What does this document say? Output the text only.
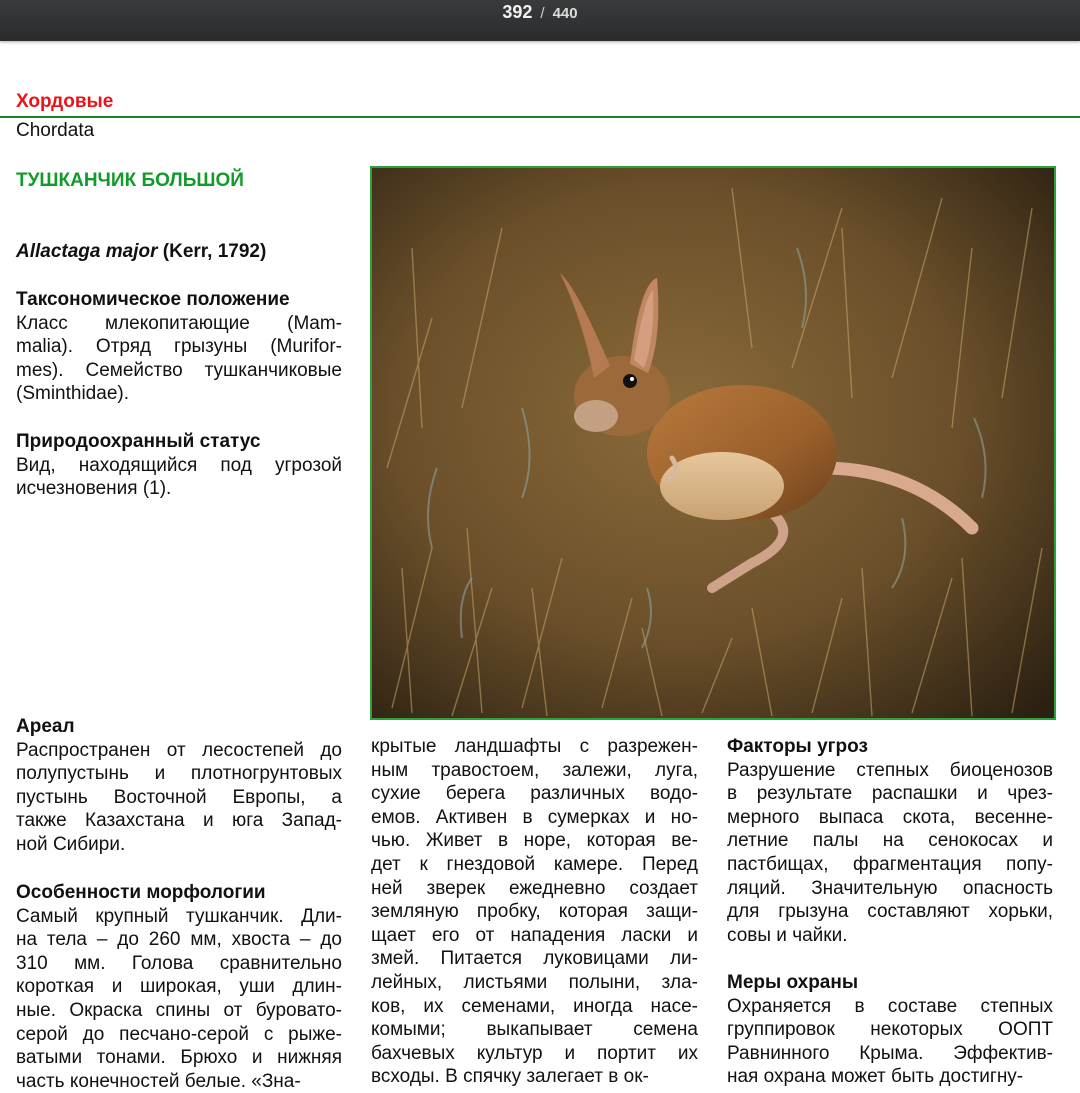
392 / 440
Хордовые
Chordata
ТУШКАНЧИК БОЛЬШОЙ
Allactaga major (Kerr, 1792)
Таксономическое положение
Класс млекопитающие (Mam-
malia). Отряд грызуны (Murifor-
mes). Семейство тушканчиковые
(Sminthidae).
Природоохранный статус
Вид, находящийся под угрозой
исчезновения (1).
Ареал
Распространен от лесостепей до
полупустынь и плотногрунтовых
пустынь Восточной Европы, а
также Казахстана и юга Запад-
ной Сибири.
Особенности морфологии
Самый крупный тушканчик. Дли-
на тела – до 260 мм, хвоста – до
310 мм. Голова сравнительно
короткая и широкая, уши длин-
ные. Окраска спины от буровато-
серой до песчано-серой с рыже-
ватыми тонами. Брюхо и нижняя
часть конечностей белые. «Зна-
крытые ландшафты с разрежен-
ным травостоем, залежи, луга,
сухие берега различных водо-
емов. Активен в сумерках и но-
чью. Живет в норе, которая ве-
дет к гнездовой камере. Перед
ней зверек ежедневно создает
земляную пробку, которая защи-
щает его от нападения ласки и
змей. Питается луковицами ли-
лейных, листьями полыни, зла-
ков, их семенами, иногда насе-
комыми; выкапывает семена
бахчевых культур и портит их
всходы. В спячку залегает в ок-
Факторы угроз
Разрушение степных биоценозов
в результате распашки и чрез-
мерного выпаса скота, весенне-
летние палы на сенокосах и
пастбищах, фрагментация попу-
ляций. Значительную опасность
для грызуна составляют хорьки,
совы и чайки.
Меры охраны
Охраняется в составе степных
группировок некоторых ООПТ
Равнинного Крыма. Эффектив-
ная охрана может быть достигну-
